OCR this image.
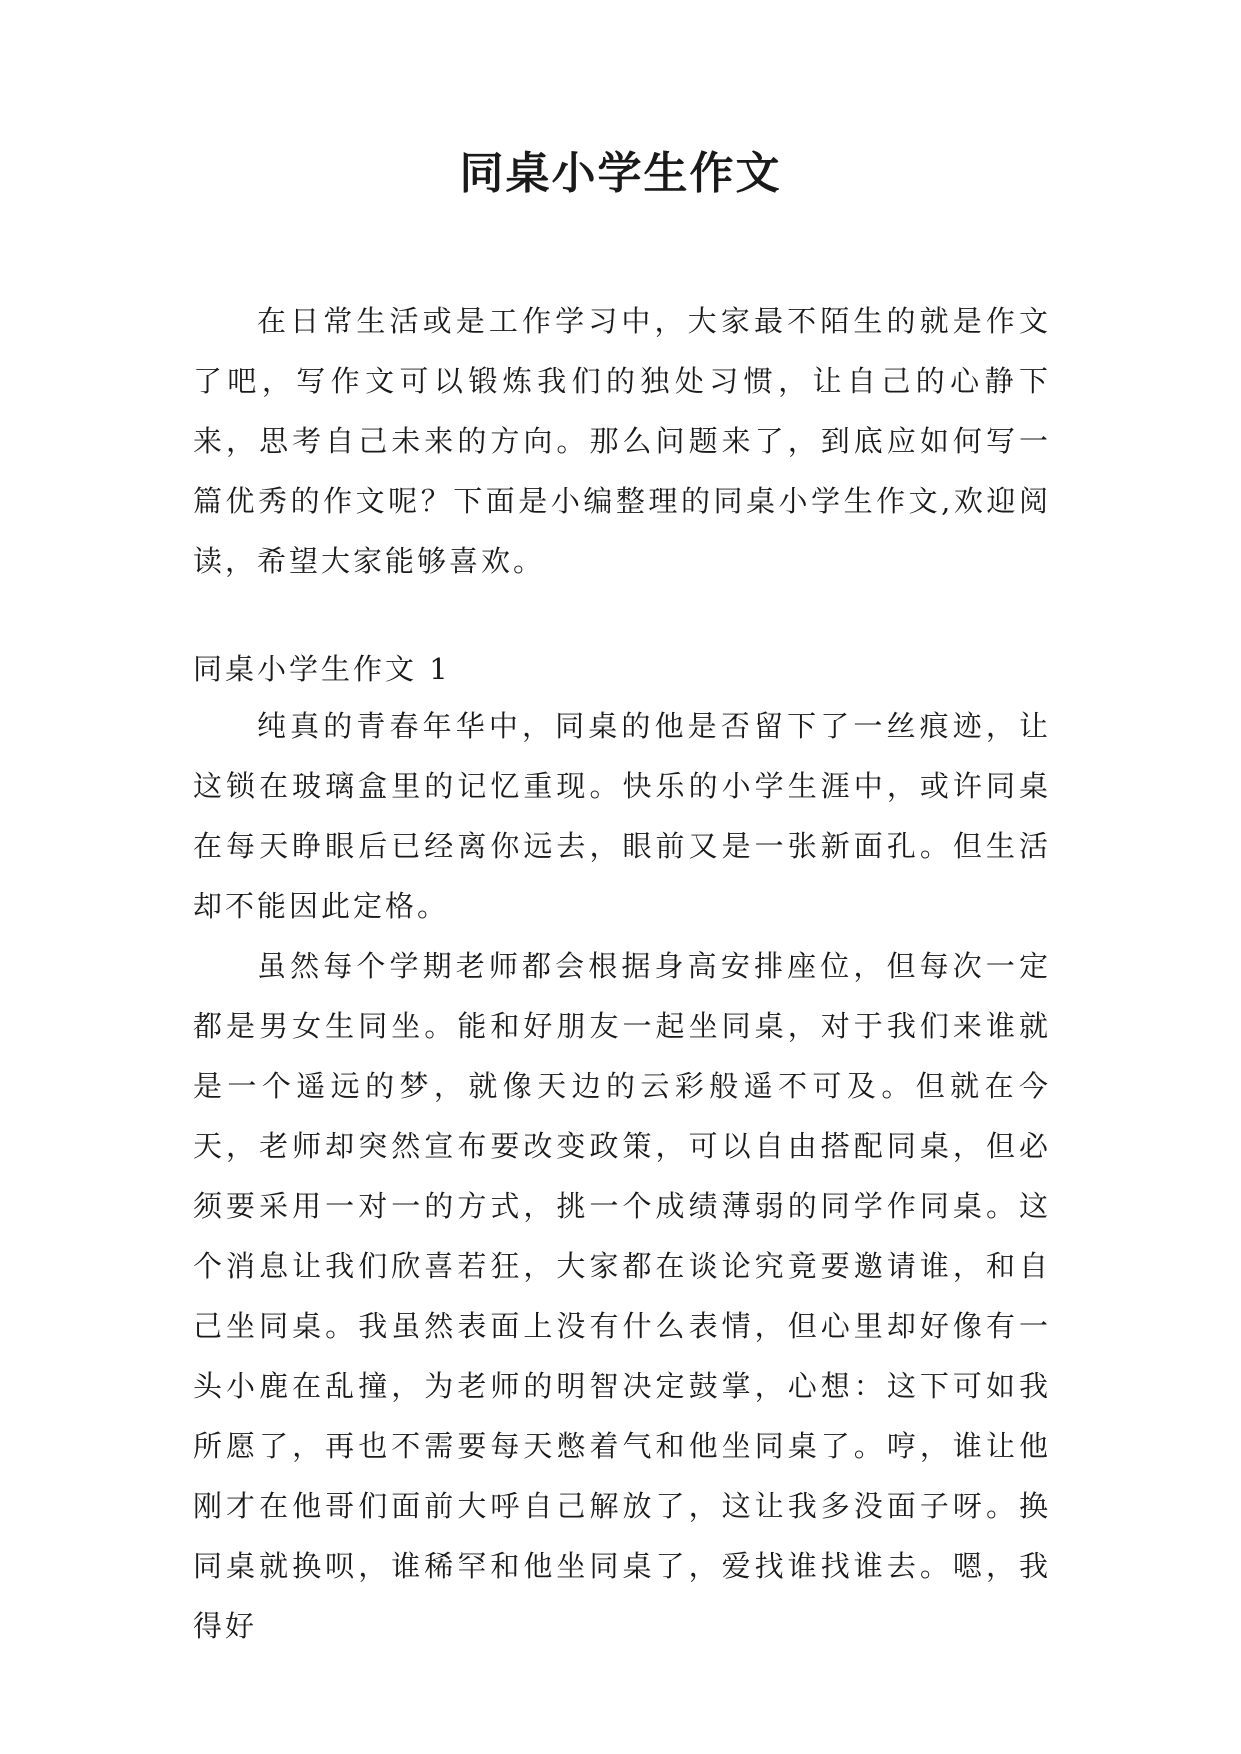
同桌小学生作文

在日常生活或是工作学习中，大家最不陌生的就是作文了吧，写作文可以锻炼我们的独处习惯，让自己的心静下来，思考自己未来的方向。那么问题来了，到底应如何写一篇优秀的作文呢？下面是小编整理的同桌小学生作文,欢迎阅读，希望大家能够喜欢。

同桌小学生作文 1

纯真的青春年华中，同桌的他是否留下了一丝痕迹，让这锁在玻璃盒里的记忆重现。快乐的小学生涯中，或许同桌在每天睁眼后已经离你远去，眼前又是一张新面孔。但生活却不能因此定格。

虽然每个学期老师都会根据身高安排座位，但每次一定都是男女生同坐。能和好朋友一起坐同桌，对于我们来谁就是一个遥远的梦，就像天边的云彩般遥不可及。但就在今天，老师却突然宣布要改变政策，可以自由搭配同桌，但必须要采用一对一的方式，挑一个成绩薄弱的同学作同桌。这个消息让我们欣喜若狂，大家都在谈论究竟要邀请谁，和自己坐同桌。我虽然表面上没有什么表情，但心里却好像有一头小鹿在乱撞，为老师的明智决定鼓掌，心想：这下可如我所愿了，再也不需要每天憋着气和他坐同桌了。哼，谁让他刚才在他哥们面前大呼自己解放了，这让我多没面子呀。换同桌就换呗，谁稀罕和他坐同桌了，爱找谁找谁去。嗯，我得好
